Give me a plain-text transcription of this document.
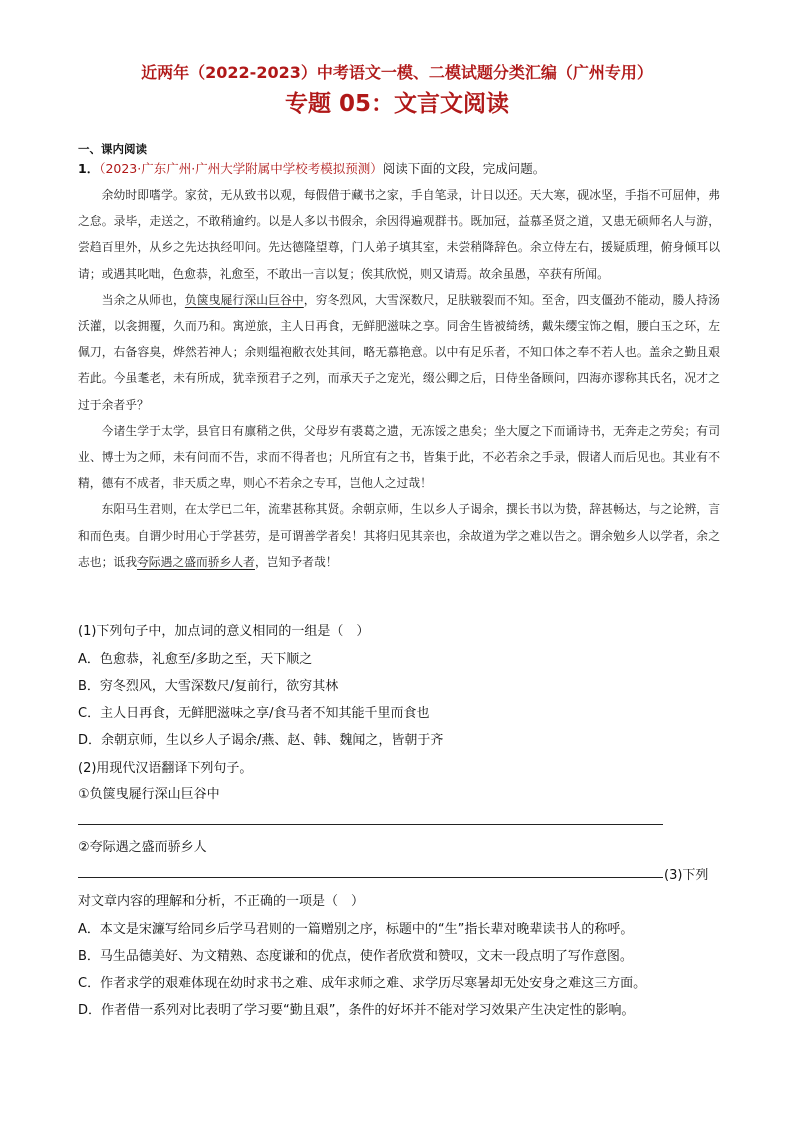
近两年（2022-2023）中考语文一模、二模试题分类汇编（广州专用）
专题 05：文言文阅读
一、课内阅读
1．（2023·广东广州·广州大学附属中学校考模拟预测）阅读下面的文段，完成问题。

余幼时即嗜学。家贫，无从致书以观，每假借于藏书之家，手自笔录，计日以还。天大寒，砚冰坚，手指不可屈伸，弗之怠。录毕，走送之，不敢稍逾约。以是人多以书假余，余因得遍观群书。既加冠，益慕圣贤之道，又患无硕师名人与游，尝趋百里外，从乡之先达执经叩问。先达德隆望尊，门人弟子填其室，未尝稍降辞色。余立侍左右，援疑质理，俯身倾耳以请；或遇其叱咄，色愈恭，礼愈至，不敢出一言以复；俟其欣悦，则又请焉。故余虽愚，卒获有所闻。

当余之从师也，负箧曳屣行深山巨谷中，穷冬烈风，大雪深数尺，足肤皲裂而不知。至舍，四支僵劲不能动，媵人持汤沃灌，以衾拥覆，久而乃和。寓逆旅，主人日再食，无鲜肥滋味之享。同舍生皆被绮绣，戴朱缨宝饰之帽，腰白玉之环，左佩刀，右备容臭，烨然若神人；余则缊袍敝衣处其间，略无慕艳意。以中有足乐者，不知口体之奉不若人也。盖余之勤且艰若此。今虽耄老，未有所成，犹幸预君子之列，而承天子之宠光，缀公卿之后，日侍坐备顾问，四海亦谬称其氏名，况才之过于余者乎？

今诸生学于太学，县官日有廪稍之供，父母岁有裘葛之遗，无冻馁之患矣；坐大厦之下而诵诗书，无奔走之劳矣；有司业、博士为之师，未有问而不告，求而不得者也；凡所宜有之书，皆集于此，不必若余之手录，假诸人而后见也。其业有不精，德有不成者，非天质之卑，则心不若余之专耳，岂他人之过哉！

东阳马生君则，在太学已二年，流辈甚称其贤。余朝京师，生以乡人子谒余，撰长书以为贽，辞甚畅达，与之论辨，言和而色夷。自谓少时用心于学甚劳，是可谓善学者矣！其将归见其亲也，余故道为学之难以告之。谓余勉乡人以学者，余之志也；诋我夸际遇之盛而骄乡人者，岂知予者哉！

(1)下列句子中，加点词的意义相同的一组是（　）
A．色愈恭，礼愈至/多助之至，天下顺之
B．穷冬烈风，大雪深数尺/复前行，欲穷其林
C．主人日再食，无鲜肥滋味之享/食马者不知其能千里而食也
D．余朝京师，生以乡人子谒余/燕、赵、韩、魏闻之，皆朝于齐
(2)用现代汉语翻译下列句子。
①负箧曳屣行深山巨谷中
②夸际遇之盛而骄乡人
(3)下列
对文章内容的理解和分析，不正确的一项是（　）
A．本文是宋濂写给同乡后学马君则的一篇赠别之序，标题中的“生”指长辈对晚辈读书人的称呼。
B．马生品德美好、为文精熟、态度谦和的优点，使作者欣赏和赞叹，文末一段点明了写作意图。
C．作者求学的艰难体现在幼时求书之难、成年求师之难、求学历尽寒暑却无处安身之难这三方面。
D．作者借一系列对比表明了学习要“勤且艰”，条件的好坏并不能对学习效果产生决定性的影响。
